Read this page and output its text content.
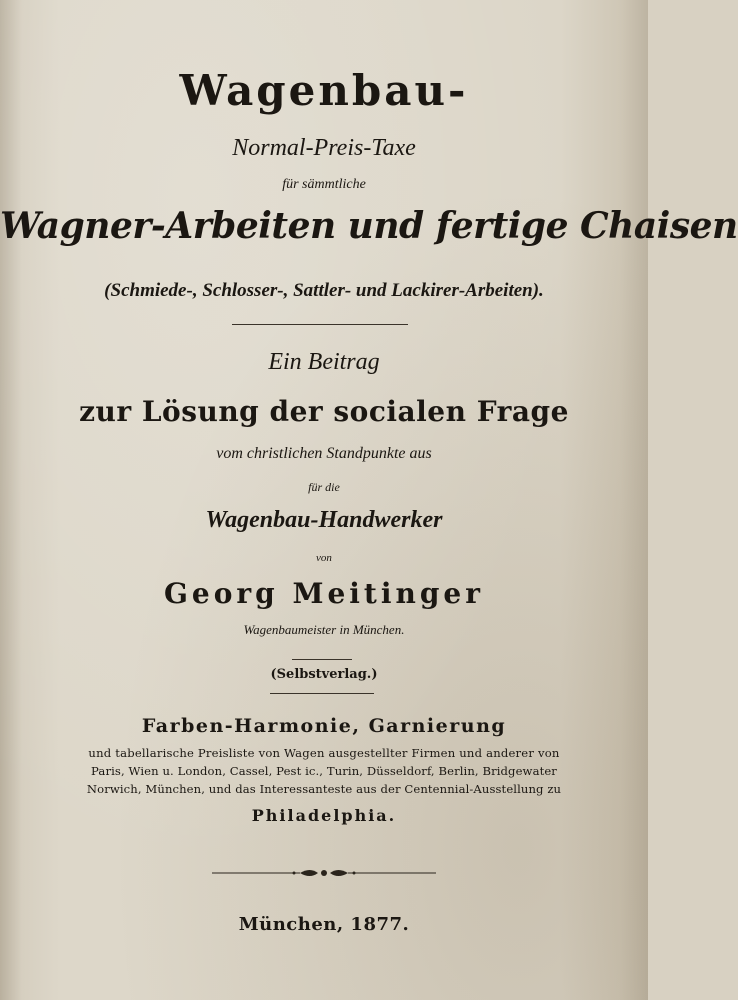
Wagenbau-
Normal-Preis-Taxe
für sämmtliche
Wagner-Arbeiten und fertige Chaisen
(Schmiede-, Schlosser-, Sattler- und Lackirer-Arbeiten).
Ein Beitrag
zur Lösung der socialen Frage
vom christlichen Standpunkte aus
für die
Wagenbau-Handwerker
von
Georg Meitinger
Wagenbaumeister in München.
(Selbstverlag.)
Farben-Harmonie, Garnierung
und tabellarische Preisliste von Wagen ausgestellter Firmen und anderer von
Paris, Wien u. London, Cassel, Pest ic., Turin, Düsseldorf, Berlin, Bridgewater
Norwich, München, und das Interessanteste aus der Centennial-Ausstellung zu
Philadelphia.
München, 1877.
